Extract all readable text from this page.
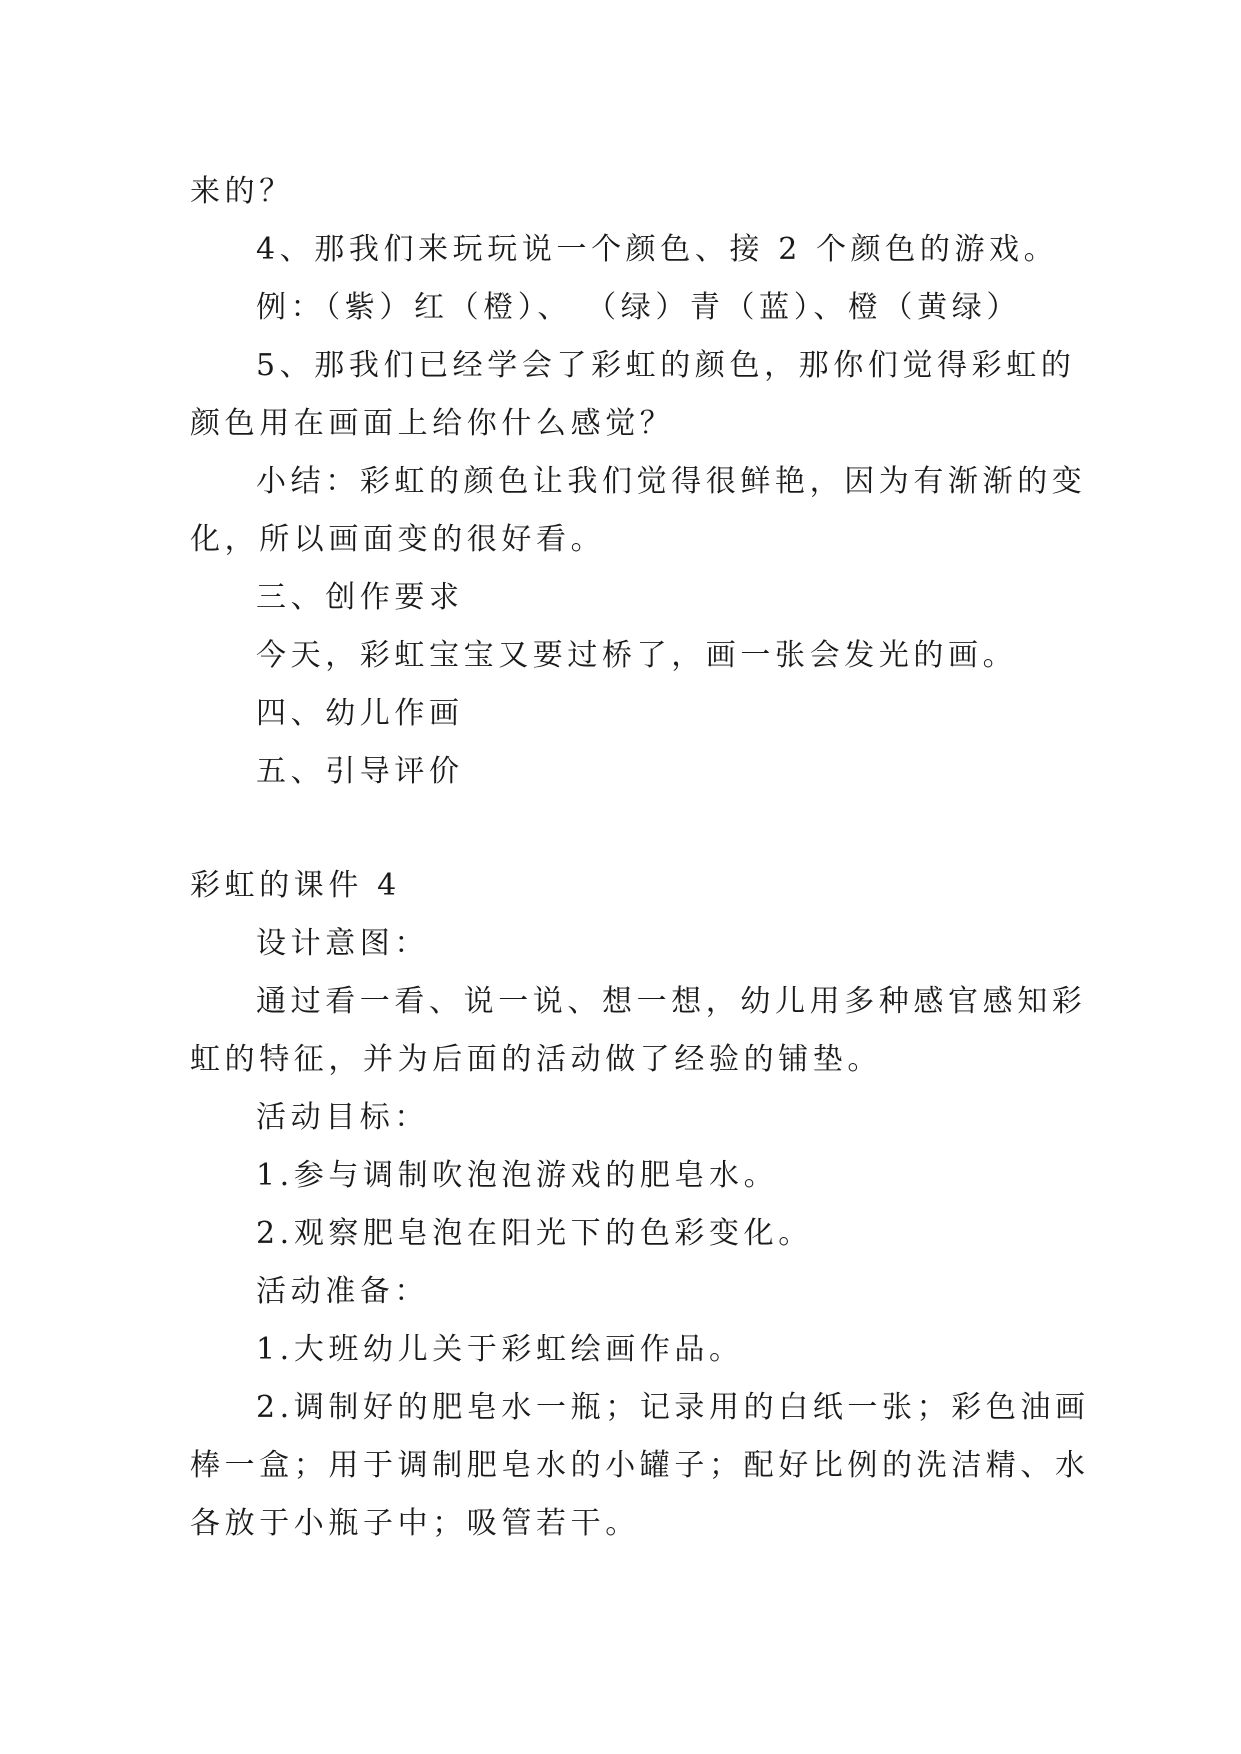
来的？
4、那我们来玩玩说一个颜色、接 2 个颜色的游戏。
例：（紫）红（橙）、 （绿）青（蓝）、橙（黄绿）
5、那我们已经学会了彩虹的颜色，那你们觉得彩虹的
颜色用在画面上给你什么感觉？
小结：彩虹的颜色让我们觉得很鲜艳，因为有渐渐的变
化，所以画面变的很好看。
三、创作要求
今天，彩虹宝宝又要过桥了，画一张会发光的画。
四、幼儿作画
五、引导评价
彩虹的课件 4
设计意图：
通过看一看、说一说、想一想，幼儿用多种感官感知彩
虹的特征，并为后面的活动做了经验的铺垫。
活动目标：
1.参与调制吹泡泡游戏的肥皂水。
2.观察肥皂泡在阳光下的色彩变化。
活动准备：
1.大班幼儿关于彩虹绘画作品。
2.调制好的肥皂水一瓶；记录用的白纸一张；彩色油画
棒一盒；用于调制肥皂水的小罐子；配好比例的洗洁精、水
各放于小瓶子中；吸管若干。
